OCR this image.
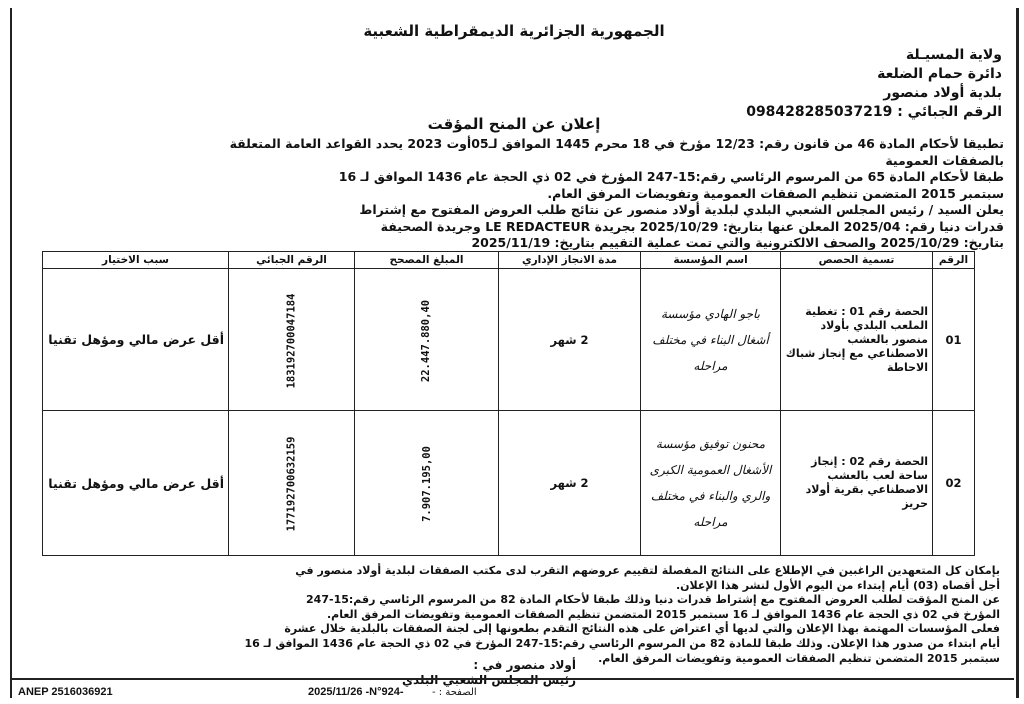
الجمهورية الجزائرية الديمقراطية الشعبية
ولاية المسيـلة
دائرة حمام الضلعة
بلدية أولاد منصور
الرقم الجبائي : 098428285037219
إعلان عن المنح المؤقت
تطبيقا لأحكام المادة 46 من قانون رقم: 12/23 مؤرخ في 18 محرم 1445 الموافق لـ05أوت 2023 يحدد القواعد العامة المتعلقة
بالصفقات العمومية
طبقا لأحكام المادة 65 من المرسوم الرئاسي رقم:15-247 المؤرخ في 02 ذي الحجة عام 1436 الموافق لـ 16
سبتمبر 2015 المتضمن تنظيم الصفقات العمومية وتفويضات المرفق العام.
يعلن السيد / رئيس المجلس الشعبي البلدي لبلدية أولاد منصور عن نتائج طلب العروض المفتوح مع إشتراط
قدرات دنيا رقم: 2025/04 المعلن عنها بتاريخ: 2025/10/29 بجريدة LE REDACTEUR وجريدة الصحيفة
بتاريخ: 2025/10/29 والصحف الالكترونية والتي تمت عملية التقييم بتاريخ: 2025/11/19
الرقم	تسمية الحصص	اسم المؤسسة	مدة الانجاز الإداري	المبلغ المصحح	الرقم الجبائي	سبب الاختيار
01	الحصة رقم 01 : تغطية الملعب البلدي بأولاد منصور بالعشب الاصطناعي مع إنجاز شباك الاحاطة	باجو الهادي مؤسسة أشغال البناء في مختلف مراحله	2 شهر	22.447.880,40	183192700047184	أقل عرض مالي ومؤهل تقنيا
02	الحصة رقم 02 : إنجاز ساحة لعب بالعشب الاصطناعي بقرية أولاد حريز	محنون توفيق مؤسسة الأشغال العمومية الكبرى والري والبناء في مختلف مراحله	2 شهر	7.907.195,00	177192700632159	أقل عرض مالي ومؤهل تقنيا
بإمكان كل المتعهدين الراغبين في الإطلاع على النتائج المفصلة لتقييم عروضهم التقرب لدى مكتب الصفقات لبلدية أولاد منصور في
أجل أقصاه (03) أيام إبتداء من اليوم الأول لنشر هذا الإعلان.
عن المنح المؤقت لطلب العروض المفتوح مع إشتراط قدرات دنيا وذلك طبقا لأحكام المادة 82 من المرسوم الرئاسي رقم:15-247
المؤرخ في 02 ذي الحجة عام 1436 الموافق لـ 16 سبتمبر 2015 المتضمن تنظيم الصفقات العمومية وتفويضات المرفق العام.
فعلى المؤسسات المهتمة بهذا الإعلان والتي لديها أي اعتراض على هذه النتائج التقدم بطعونها إلى لجنة الصفقات بالبلدية خلال عشرة
أيام ابتداء من صدور هذا الإعلان. وذلك طبقا للمادة 82 من المرسوم الرئاسي رقم:15-247 المؤرخ في 02 ذي الحجة عام 1436 الموافق لـ 16
سبتمبر 2015 المتضمن تنظيم الصفقات العمومية وتفويضات المرفق العام.
أولاد منصور في :
رئيس المجلس الشعبي البلدي
ANEP 2516036921	2025/11/26 -N°924-	الصفحة : -
